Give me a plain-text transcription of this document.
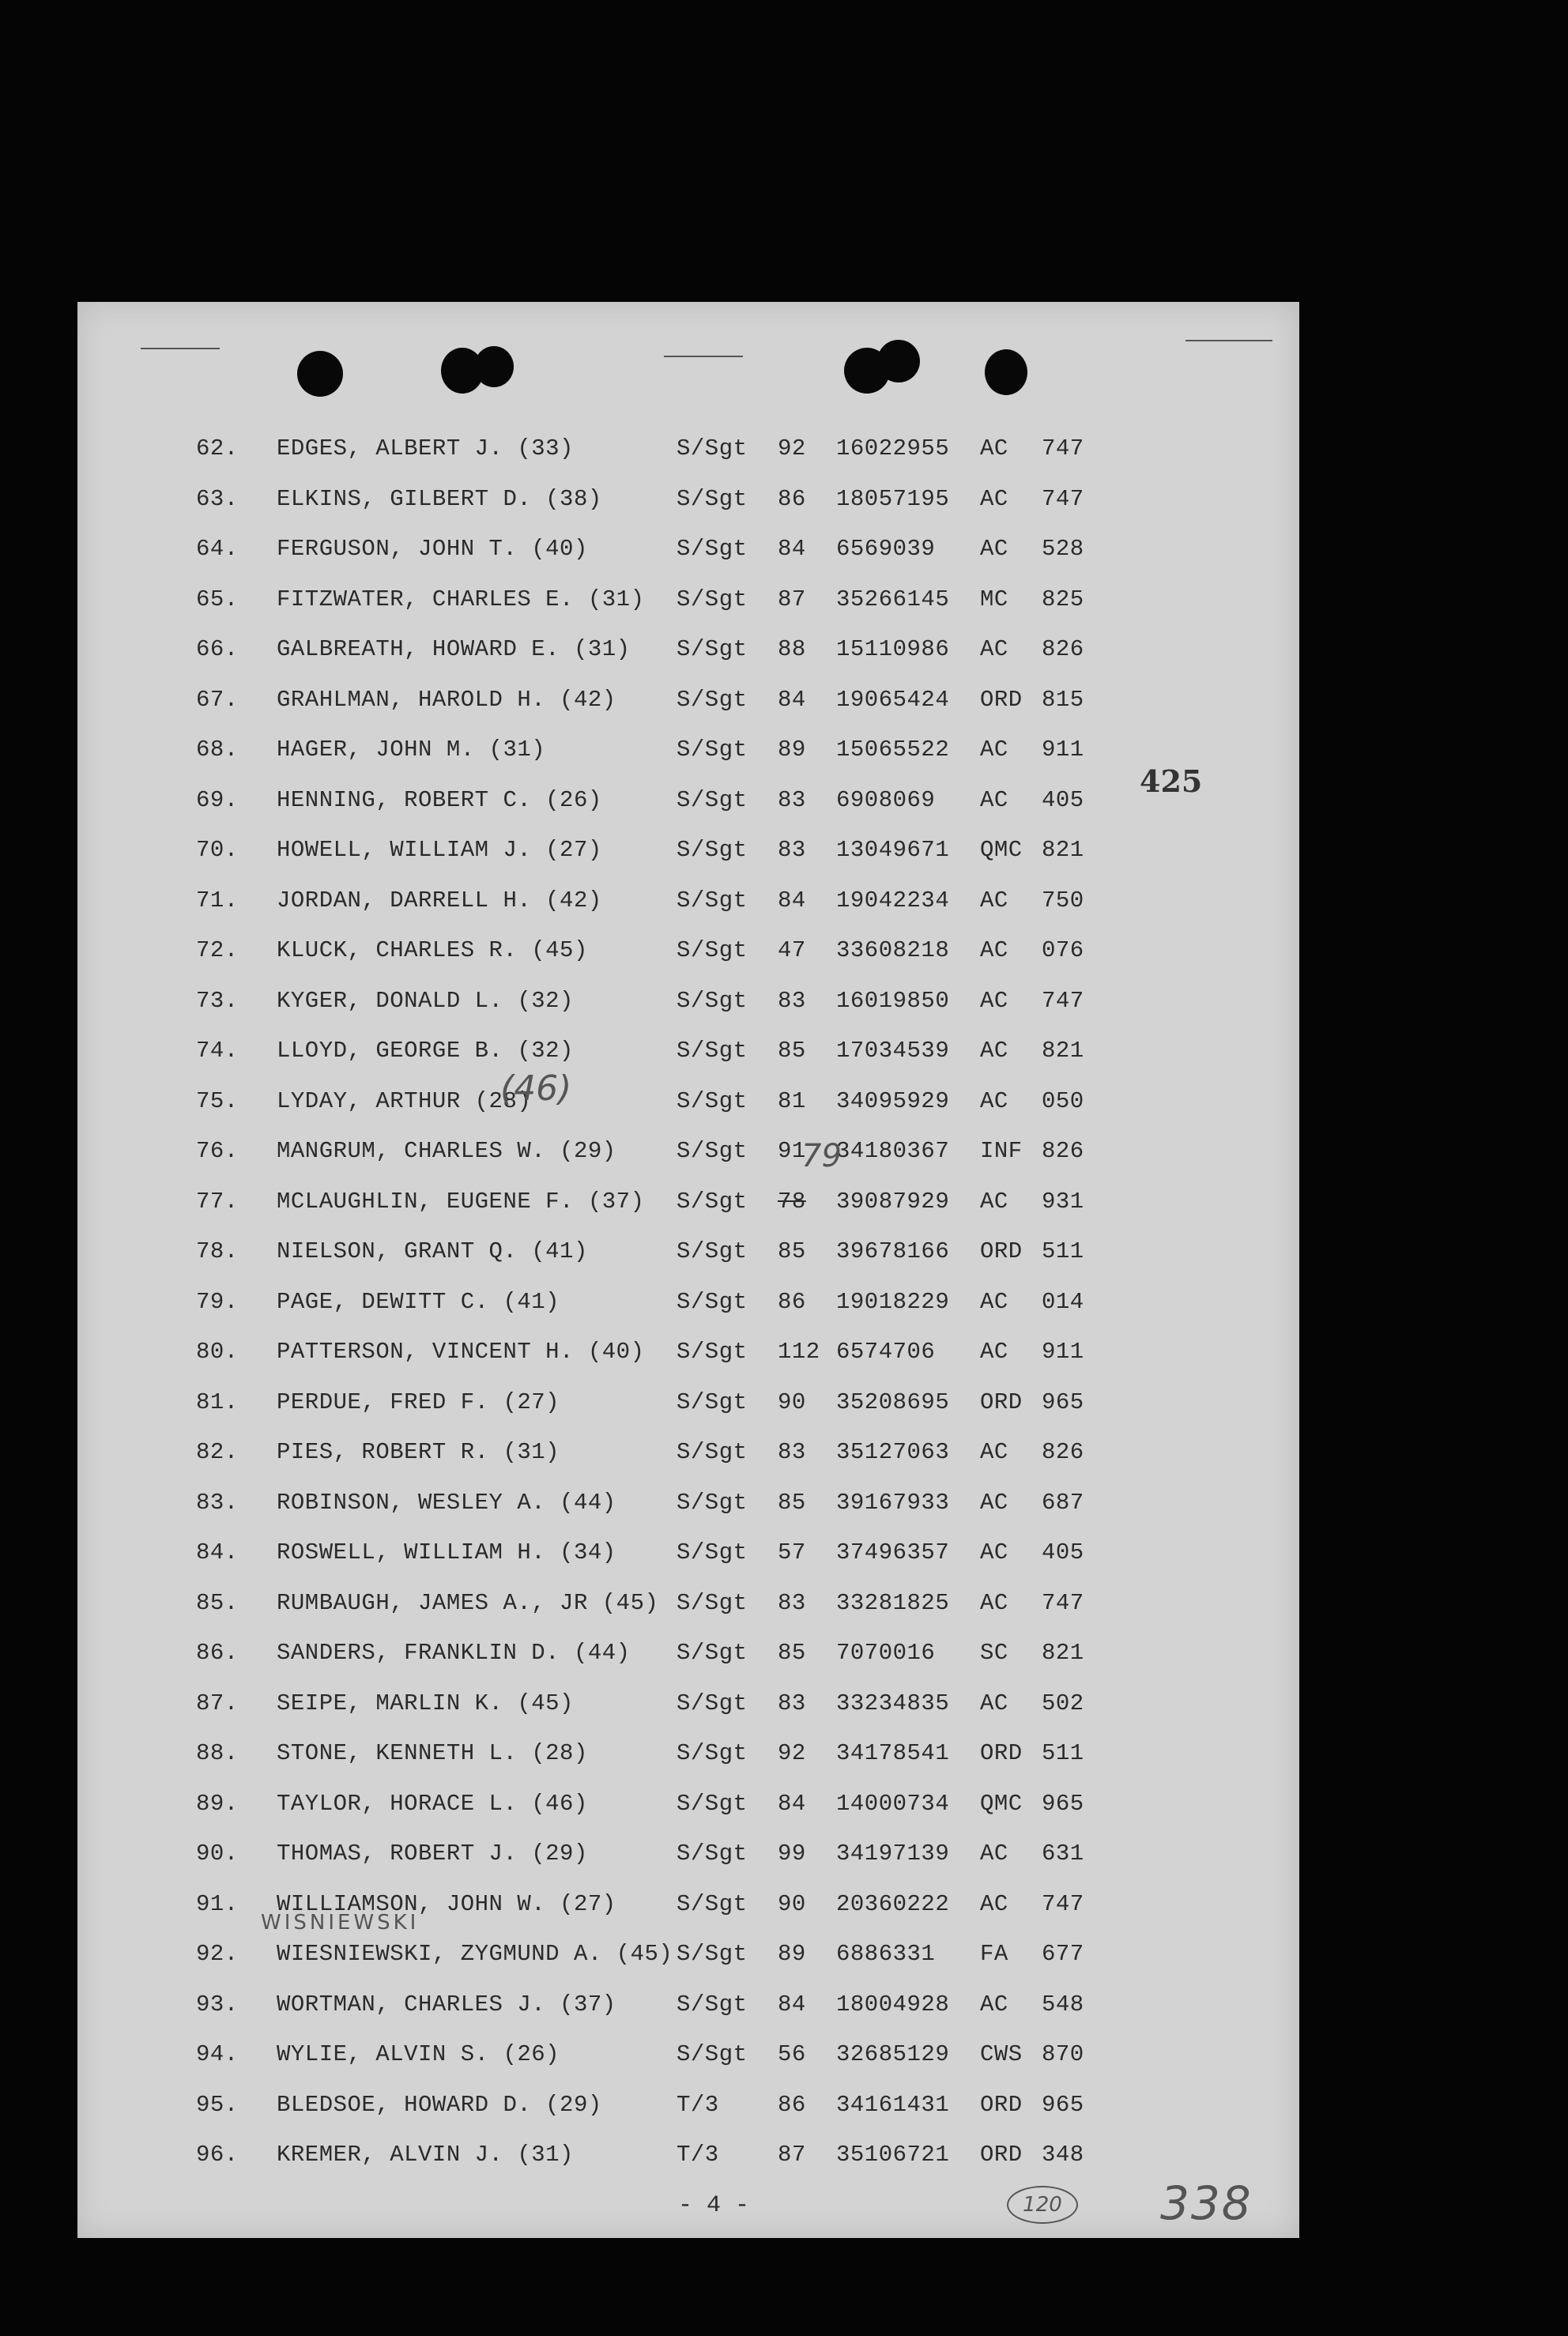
62. EDGES, ALBERT J. (33)	S/Sgt 92 16022955 AC 747
63. ELKINS, GILBERT D. (38)	S/Sgt 86 18057195 AC 747
64. FERGUSON, JOHN T. (40)	S/Sgt 84 6569039 AC 528
65. FITZWATER, CHARLES E. (31) S/Sgt 87 35266145 MC 825
66. GALBREATH, HOWARD E. (31) S/Sgt 88 15110986 AC 826
67. GRAHLMAN, HAROLD H. (42)	S/Sgt 84 19065424 ORD 815
68. HAGER, JOHN M. (31)	S/Sgt 89 15065522 AC 911
69. HENNING, ROBERT C. (26)	S/Sgt 83 6908069 AC 405
70. HOWELL, WILLIAM J. (27)	S/Sgt 83 13049671 QMC 821
71. JORDAN, DARRELL H. (42)	S/Sgt 84 19042234 AC 750
72. KLUCK, CHARLES R. (45)	S/Sgt 47 33608218 AC 076
73. KYGER, DONALD L. (32)	S/Sgt 83 16019850 AC 747
74. LLOYD, GEORGE B. (32)	S/Sgt 85 17034539 AC 821
75. LYDAY, ARTHUR (28)	S/Sgt 81 34095929 AC 050
76. MANGRUM, CHARLES W. (29)	S/Sgt 91 34180367 INF 826
77. MCLAUGHLIN, EUGENE F. (37) S/Sgt 78 39087929 AC 931
78. NIELSON, GRANT Q. (41)	S/Sgt 85 39678166 ORD 511
79. PAGE, DEWITT C. (41)	S/Sgt 86 19018229 AC 014
80. PATTERSON, VINCENT H. (40) S/Sgt 112 6574706 AC 911
81. PERDUE, FRED F. (27)	S/Sgt 90 35208695 ORD 965
82. PIES, ROBERT R. (31)	S/Sgt 83 35127063 AC 826
83. ROBINSON, WESLEY A. (44)	S/Sgt 85 39167933 AC 687
84. ROSWELL, WILLIAM H. (34)	S/Sgt 57 37496357 AC 405
85. RUMBAUGH, JAMES A., JR (45) S/Sgt 83 33281825 AC 747
86. SANDERS, FRANKLIN D. (44) S/Sgt 85 7070016 SC 821
87. SEIPE, MARLIN K. (45)	S/Sgt 83 33234835 AC 502
88. STONE, KENNETH L. (28)	S/Sgt 92 34178541 ORD 511
89. TAYLOR, HORACE L. (46)	S/Sgt 84 14000734 QMC 965
90. THOMAS, ROBERT J. (29)	S/Sgt 99 34197139 AC 631
91. WILLIAMSON, JOHN W. (27)	S/Sgt 90 20360222 AC 747
92. WIESNIEWSKI, ZYGMUND A. (45) S/Sgt 89 6886331 FA 677
93. WORTMAN, CHARLES J. (37)	S/Sgt 84 18004928 AC 548
94. WYLIE, ALVIN S. (26)	S/Sgt 56 32685129 CWS 870
95. BLEDSOE, HOWARD D. (29)	T/3	86 34161431 ORD 965
96. KREMER, ALVIN J. (31)	T/3	87 35106721 ORD 348
(46)
79
WISNIEWSKI
425
- 4 -	120	338
